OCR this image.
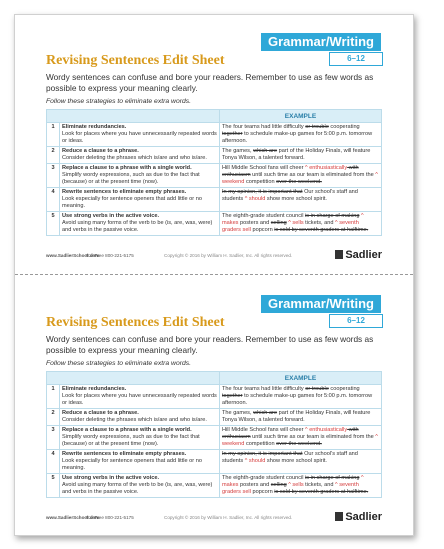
Grammar/Writing
6–12
Revising Sentences Edit Sheet
Wordy sentences can confuse and bore your readers. Remember to use as few words as possible to express your meaning clearly.
Follow these strategies to eliminate extra words.
		EXAMPLE
1	Eliminate redundancies.
Look for places where you have unnecessarily repeated words or ideas.	The four teams had little difficulty or trouble cooperating together to schedule make-up games for 5:00 p.m. tomorrow afternoon.
2	Reduce a clause to a phrase.
Consider deleting the phrases which is/are and who is/are.	The games, which are part of the Holiday Finals, will feature Tonya Wilson, a talented forward.
3	Replace a clause to a phrase with a single world.
Simplify wordy expressions, such as due to the fact that (because) or at the present time (now).	Hill Middle School fans will cheer ^ enthusiastically with enthusiasm until such time as our team is eliminated from the ^ weekend competition over the weekend.
4	Rewrite sentences to eliminate empty phrases.
Look especially for sentence openers that add little or no meaning.	In my opinion, it is important that Our school's staff and students ^ should show more school spirit.
5	Use strong verbs in the active voice.
Avoid using many forms of the verb to be (is, are, was, were) and verbs in the passive voice.	The eighth-grade student council is in charge of making ^ makes posters and selling ^ sells tickets, and ^ seventh graders sell popcorn is sold by seventh graders at halftime.
www.SadlierSchool.com
Toll-Free 800-221-5175	Copyright © 2016 by William H. Sadlier, Inc. All rights reserved.	Sadlier
Grammar/Writing
6–12
Revising Sentences Edit Sheet
Wordy sentences can confuse and bore your readers. Remember to use as few words as possible to express your meaning clearly.
Follow these strategies to eliminate extra words.
		EXAMPLE
1	Eliminate redundancies.
Look for places where you have unnecessarily repeated words or ideas.	The four teams had little difficulty or trouble cooperating together to schedule make-up games for 5:00 p.m. tomorrow afternoon.
2	Reduce a clause to a phrase.
Consider deleting the phrases which is/are and who is/are.	The games, which are part of the Holiday Finals, will feature Tonya Wilson, a talented forward.
3	Replace a clause to a phrase with a single world.
Simplify wordy expressions, such as due to the fact that (because) or at the present time (now).	Hill Middle School fans will cheer ^ enthusiastically with enthusiasm until such time as our team is eliminated from the ^ weekend competition over the weekend.
4	Rewrite sentences to eliminate empty phrases.
Look especially for sentence openers that add little or no meaning.	In my opinion, it is important that Our school's staff and students ^ should show more school spirit.
5	Use strong verbs in the active voice.
Avoid using many forms of the verb to be (is, are, was, were) and verbs in the passive voice.	The eighth-grade student council is in charge of making ^ makes posters and selling ^ sells tickets, and ^ seventh graders sell popcorn is sold by seventh graders at halftime.
www.SadlierSchool.com
Toll-Free 800-221-5175	Copyright © 2016 by William H. Sadlier, Inc. All rights reserved.	Sadlier
